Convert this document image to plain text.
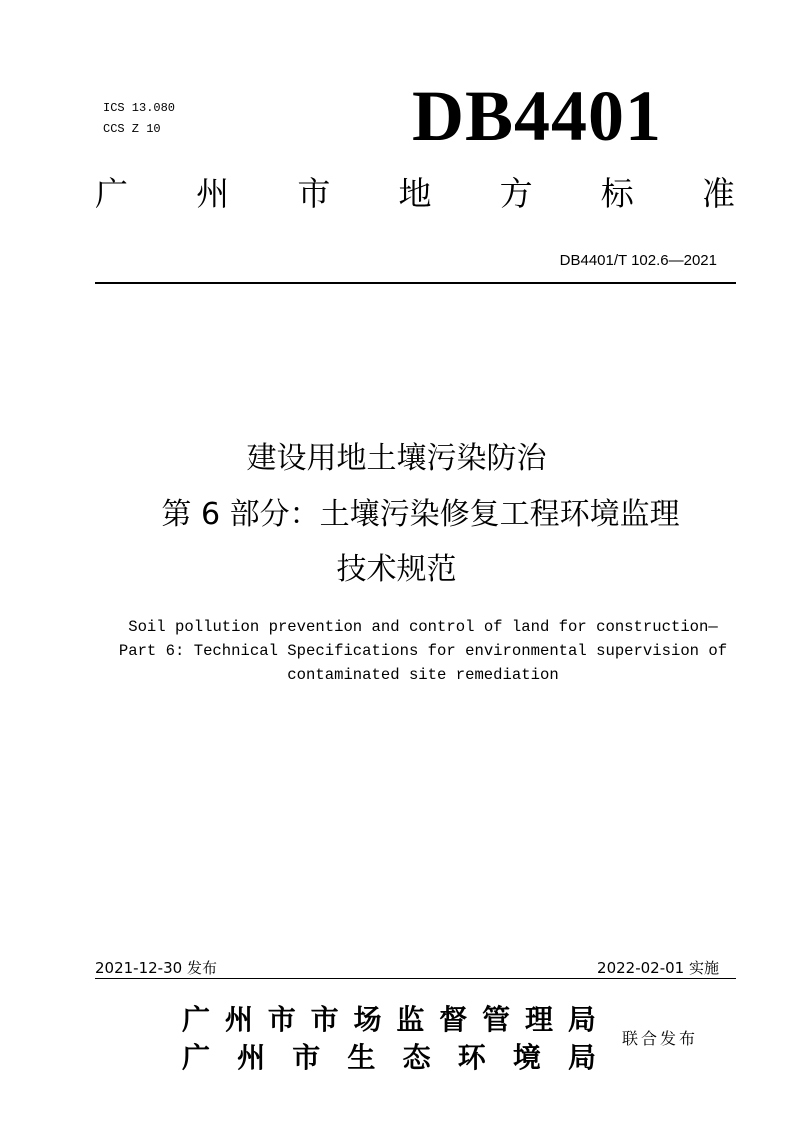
ICS 13.080
CCS Z 10	DB4401
广 州 市 地 方 标 准
DB4401/T 102.6—2021
建设用地土壤污染防治
第 6 部分：土壤污染修复工程环境监理
技术规范
Soil pollution prevention and control of land for construction—
Part 6: Technical Specifications for environmental supervision of
contaminated site remediation
2021-12-30 发布	2022-02-01 实施
广 州 市 市 场 监 督 管 理 局
广 州 市 生 态 环 境 局
联合发布
